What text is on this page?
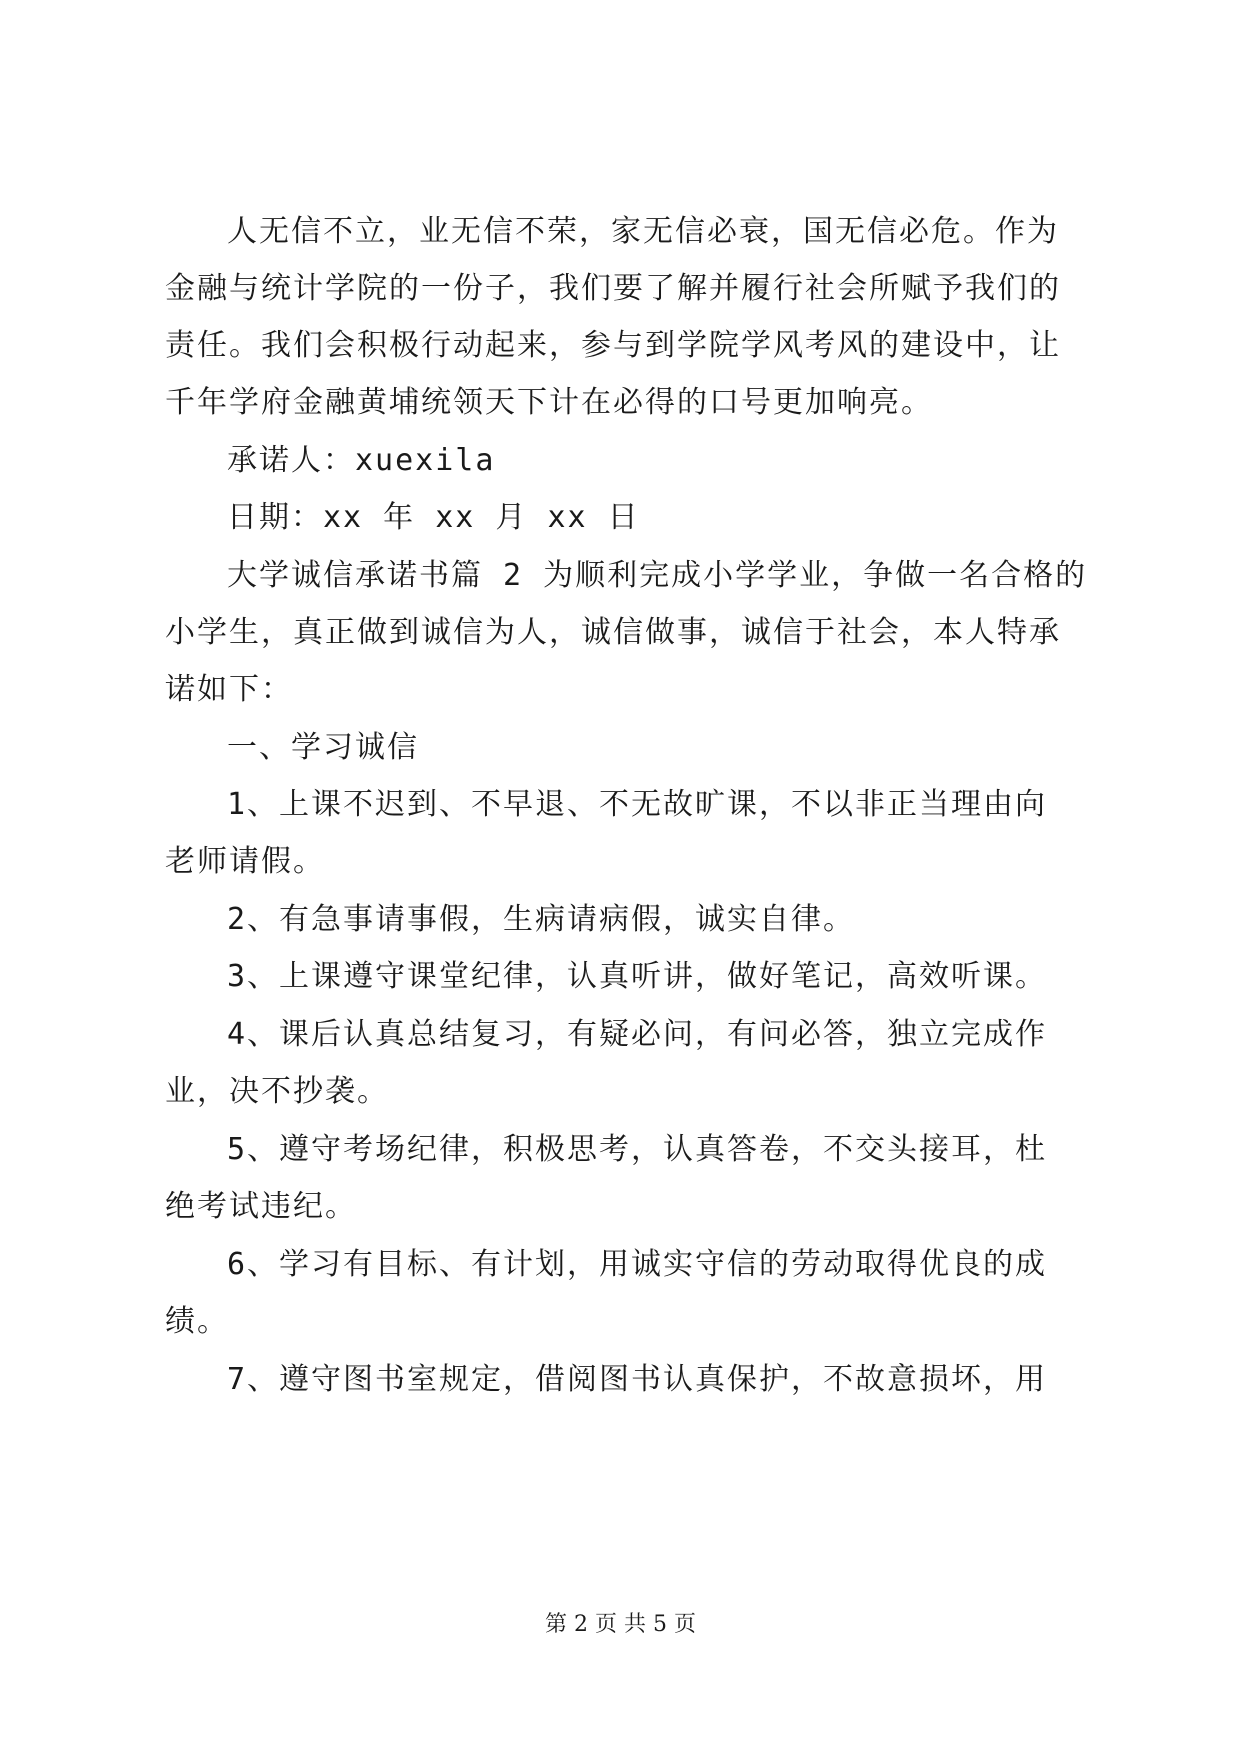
人无信不立，业无信不荣，家无信必衰，国无信必危。作为
金融与统计学院的一份子，我们要了解并履行社会所赋予我们的
责任。我们会积极行动起来，参与到学院学风考风的建设中，让
千年学府金融黄埔统领天下计在必得的口号更加响亮。
承诺人：xuexila
日期：xx 年 xx 月 xx 日
大学诚信承诺书篇 2 为顺利完成小学学业，争做一名合格的
小学生，真正做到诚信为人，诚信做事，诚信于社会，本人特承
诺如下：
一、学习诚信
1、上课不迟到、不早退、不无故旷课，不以非正当理由向
老师请假。
2、有急事请事假，生病请病假，诚实自律。
3、上课遵守课堂纪律，认真听讲，做好笔记，高效听课。
4、课后认真总结复习，有疑必问，有问必答，独立完成作
业，决不抄袭。
5、遵守考场纪律，积极思考，认真答卷，不交头接耳，杜
绝考试违纪。
6、学习有目标、有计划，用诚实守信的劳动取得优良的成
绩。
7、遵守图书室规定，借阅图书认真保护，不故意损坏，用
第 2 页 共 5 页
